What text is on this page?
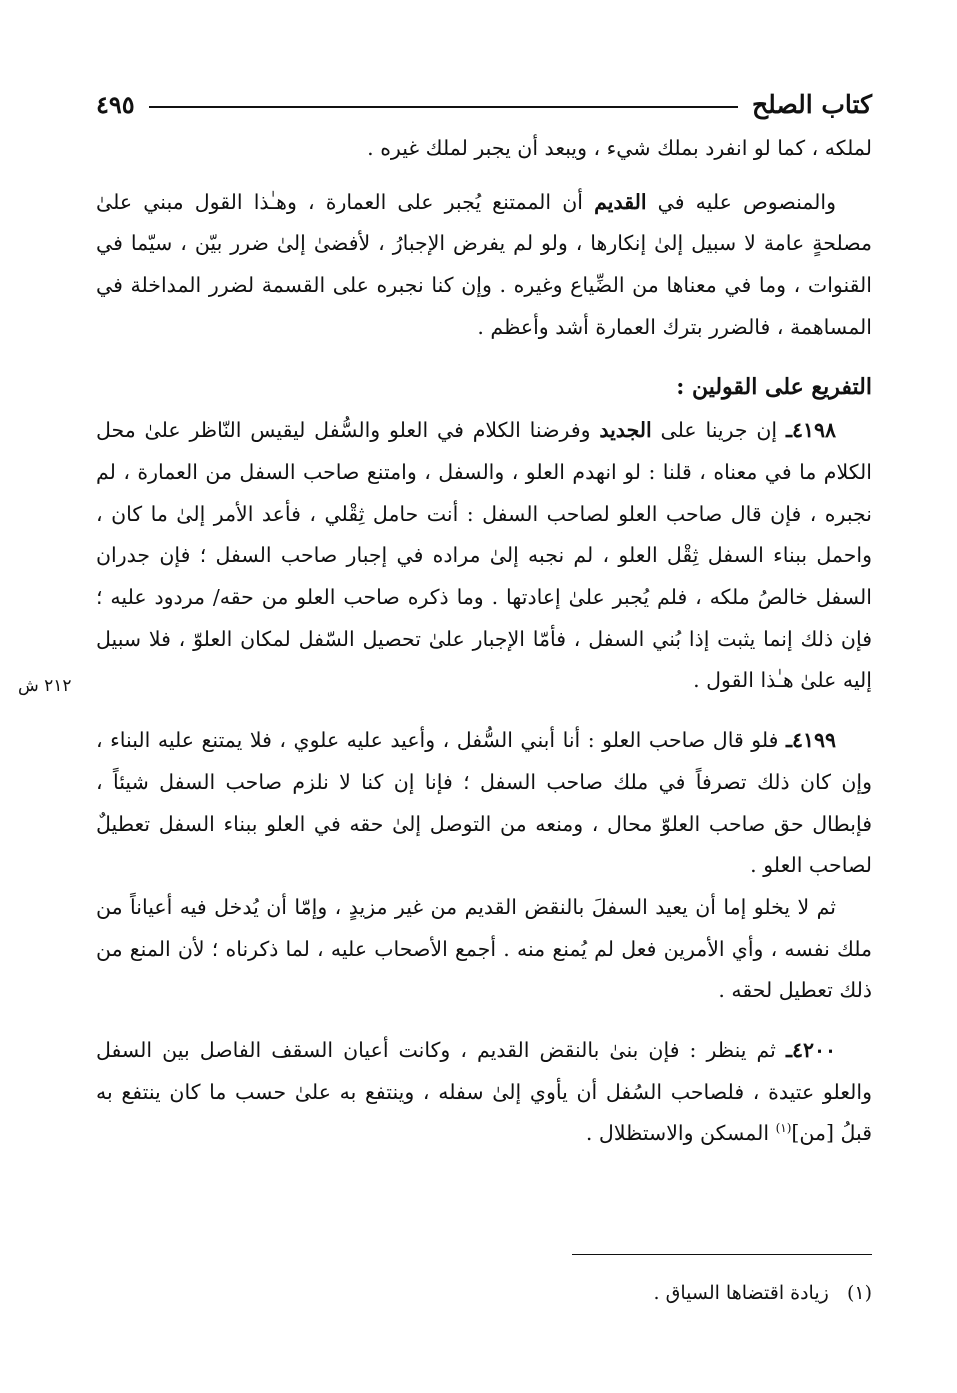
كتاب الصلح
٤٩٥

لملكه ، كما لو انفرد بملك شيء ، ويبعد أن يجبر لملك غيره .

والمنصوص عليه في القديم أن الممتنع يُجبر على العمارة ، وهـٰذا القول مبني علىٰ مصلحةٍ عامة لا سبيل إلىٰ إنكارها ، ولو لم يفرض الإجبارُ ، لأفضىٰ إلىٰ ضرر بيّن ، سيّما في القنوات ، وما في معناها من الضِّياع وغيره . وإن كنا نجبره على القسمة لضرر المداخلة في المساهمة ، فالضرر بترك العمارة أشد وأعظم .

التفريع على القولين :

٤١٩٨ـ إن جرينا على الجديد وفرضنا الكلام في العلو والسُّفل ليقيس النّاظر علىٰ محل الكلام ما في معناه ، قلنا : لو انهدم العلو ، والسفل ، وامتنع صاحب السفل من العمارة ، لم نجبره ، فإن قال صاحب العلو لصاحب السفل : أنت حامل ثِقْلي ، فأعد الأمر إلىٰ ما كان ، واحمل ببناء السفل ثِقْل العلو ، لم نجبه إلىٰ مراده في إجبار صاحب السفل ؛ فإن جدران السفل خالصُ ملكه ، فلم يُجبر علىٰ إعادتها . وما ذكره صاحب العلو من حقه/ مردود عليه ؛ فإن ذلك إنما يثبت إذا بُني السفل ، فأمّا الإجبار علىٰ تحصيل السّفل لمكان العلوّ ، فلا سبيل إليه علىٰ هـٰذا القول .

٤١٩٩ـ فلو قال صاحب العلو : أنا أبني السُّفل ، وأعيد عليه علوي ، فلا يمتنع عليه البناء ، وإن كان ذلك تصرفاً في ملك صاحب السفل ؛ فإنا إن كنا لا نلزم صاحب السفل شيئاً ، فإبطال حق صاحب العلوّ محال ، ومنعه من التوصل إلىٰ حقه في العلو ببناء السفل تعطيلٌ لصاحب العلو .

ثم لا يخلو إما أن يعيد السفلَ بالنقض القديم من غير مزيدٍ ، وإمّا أن يُدخل فيه أعياناً من ملك نفسه ، وأي الأمرين فعل لم يُمنع منه . أجمع الأصحاب عليه ، لما ذكرناه ؛ لأن المنع من ذلك تعطيل لحقه .

٤٢٠٠ـ ثم ينظر : فإن بنىٰ بالنقض القديم ، وكانت أعيان السقف الفاصل بين السفل والعلو عتيدة ، فلصاحب السُفل أن يأوي إلىٰ سفله ، وينتفع به علىٰ حسب ما كان ينتفع به قبلُ [من]$^{(١)}$ المسكن والاستظلال .

٢١٢ ش
(١)   زيادة اقتضاها السياق .
